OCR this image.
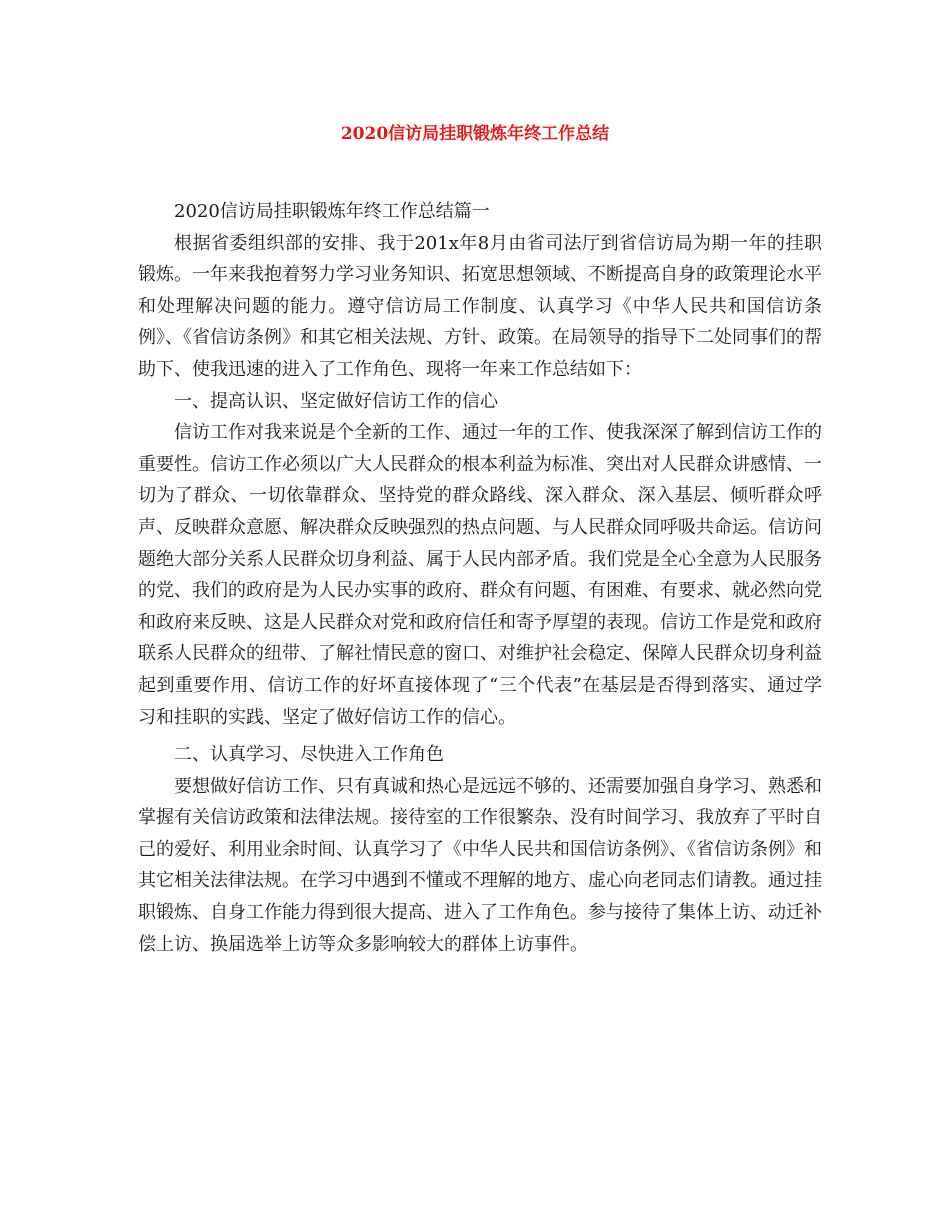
2020信访局挂职锻炼年终工作总结

2020信访局挂职锻炼年终工作总结篇一

根据省委组织部的安排、我于201x年8月由省司法厅到省信访局为期一年的挂职锻炼。一年来我抱着努力学习业务知识、拓宽思想领域、不断提高自身的政策理论水平和处理解决问题的能力。遵守信访局工作制度、认真学习《中华人民共和国信访条例》、《省信访条例》和其它相关法规、方针、政策。在局领导的指导下二处同事们的帮助下、使我迅速的进入了工作角色、现将一年来工作总结如下：

一、提高认识、坚定做好信访工作的信心

信访工作对我来说是个全新的工作、通过一年的工作、使我深深了解到信访工作的重要性。信访工作必须以广大人民群众的根本利益为标准、突出对人民群众讲感情、一切为了群众、一切依靠群众、坚持党的群众路线、深入群众、深入基层、倾听群众呼声、反映群众意愿、解决群众反映强烈的热点问题、与人民群众同呼吸共命运。信访问题绝大部分关系人民群众切身利益、属于人民内部矛盾。我们党是全心全意为人民服务的党、我们的政府是为人民办实事的政府、群众有问题、有困难、有要求、就必然向党和政府来反映、这是人民群众对党和政府信任和寄予厚望的表现。信访工作是党和政府联系人民群众的纽带、了解社情民意的窗口、对维护社会稳定、保障人民群众切身利益起到重要作用、信访工作的好坏直接体现了“三个代表”在基层是否得到落实、通过学习和挂职的实践、坚定了做好信访工作的信心。

二、认真学习、尽快进入工作角色

要想做好信访工作、只有真诚和热心是远远不够的、还需要加强自身学习、熟悉和掌握有关信访政策和法律法规。接待室的工作很繁杂、没有时间学习、我放弃了平时自己的爱好、利用业余时间、认真学习了《中华人民共和国信访条例》、《省信访条例》和其它相关法律法规。在学习中遇到不懂或不理解的地方、虚心向老同志们请教。通过挂职锻炼、自身工作能力得到很大提高、进入了工作角色。参与接待了集体上访、动迁补偿上访、换届选举上访等众多影响较大的群体上访事件。
